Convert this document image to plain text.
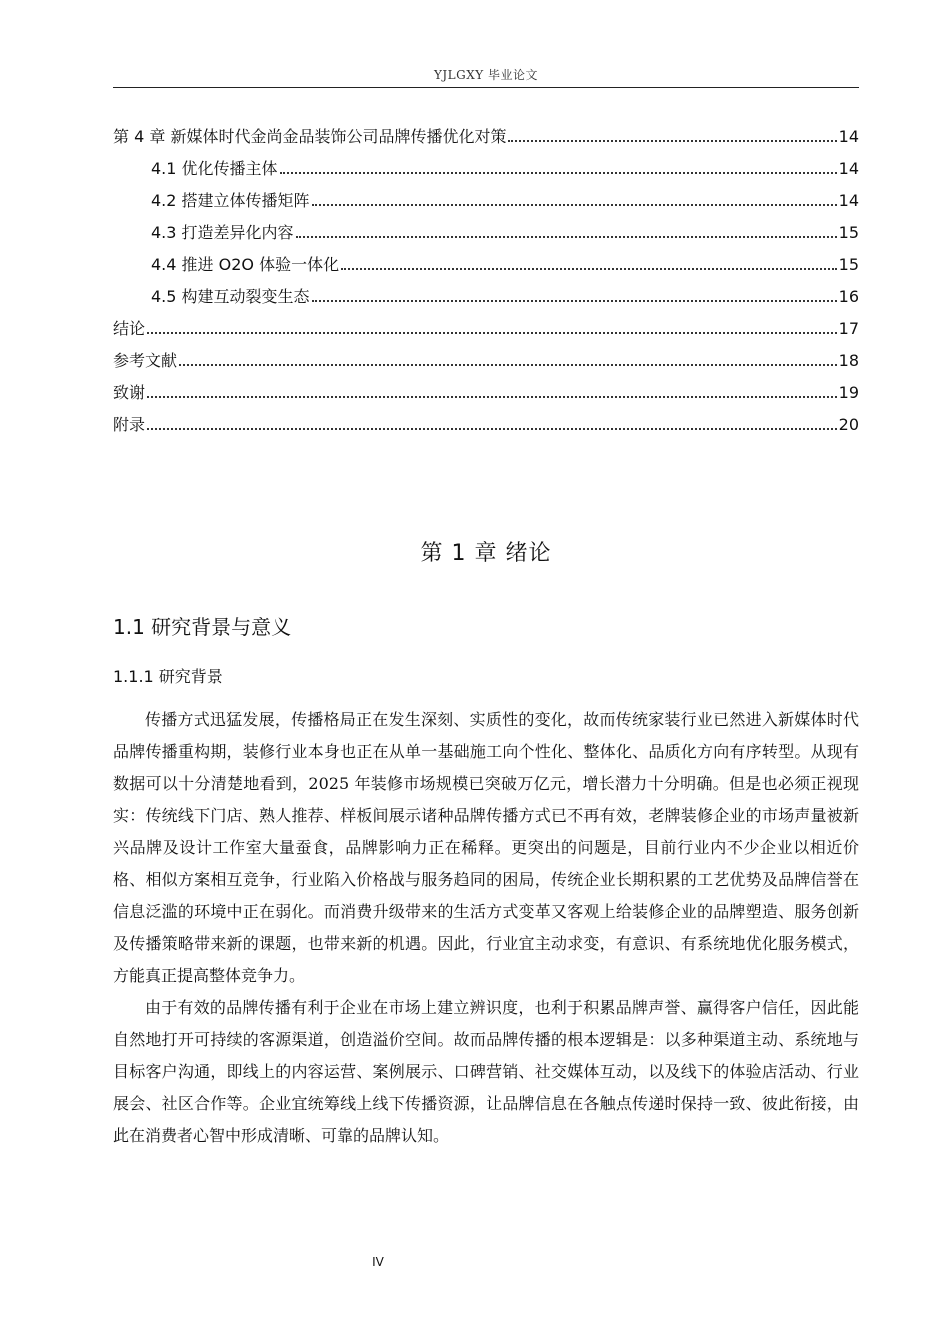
YJLGXY 毕业论文
第 4 章 新媒体时代金尚金品装饰公司品牌传播优化对策	14
4.1 优化传播主体	14
4.2 搭建立体传播矩阵	14
4.3 打造差异化内容	15
4.4 推进 O2O 体验一体化	15
4.5 构建互动裂变生态	16
结论	17
参考文献	18
致谢	19
附录	20
第 1 章 绪论
1.1 研究背景与意义
1.1.1 研究背景

传播方式迅猛发展，传播格局正在发生深刻、实质性的变化，故而传统家装行业已然进入新媒体时代品牌传播重构期，装修行业本身也正在从单一基础施工向个性化、整体化、品质化方向有序转型。从现有数据可以十分清楚地看到，2025 年装修市场规模已突破万亿元，增长潜力十分明确。但是也必须正视现实：传统线下门店、熟人推荐、样板间展示诸种品牌传播方式已不再有效，老牌装修企业的市场声量被新兴品牌及设计工作室大量蚕食，品牌影响力正在稀释。更突出的问题是，目前行业内不少企业以相近价格、相似方案相互竞争，行业陷入价格战与服务趋同的困局，传统企业长期积累的工艺优势及品牌信誉在信息泛滥的环境中正在弱化。而消费升级带来的生活方式变革又客观上给装修企业的品牌塑造、服务创新及传播策略带来新的课题，也带来新的机遇。因此，行业宜主动求变，有意识、有系统地优化服务模式，方能真正提高整体竞争力。

由于有效的品牌传播有利于企业在市场上建立辨识度，也利于积累品牌声誉、赢得客户信任，因此能自然地打开可持续的客源渠道，创造溢价空间。故而品牌传播的根本逻辑是：以多种渠道主动、系统地与目标客户沟通，即线上的内容运营、案例展示、口碑营销、社交媒体互动，以及线下的体验店活动、行业展会、社区合作等。企业宜统筹线上线下传播资源，让品牌信息在各触点传递时保持一致、彼此衔接，由此在消费者心智中形成清晰、可靠的品牌认知。

IV
